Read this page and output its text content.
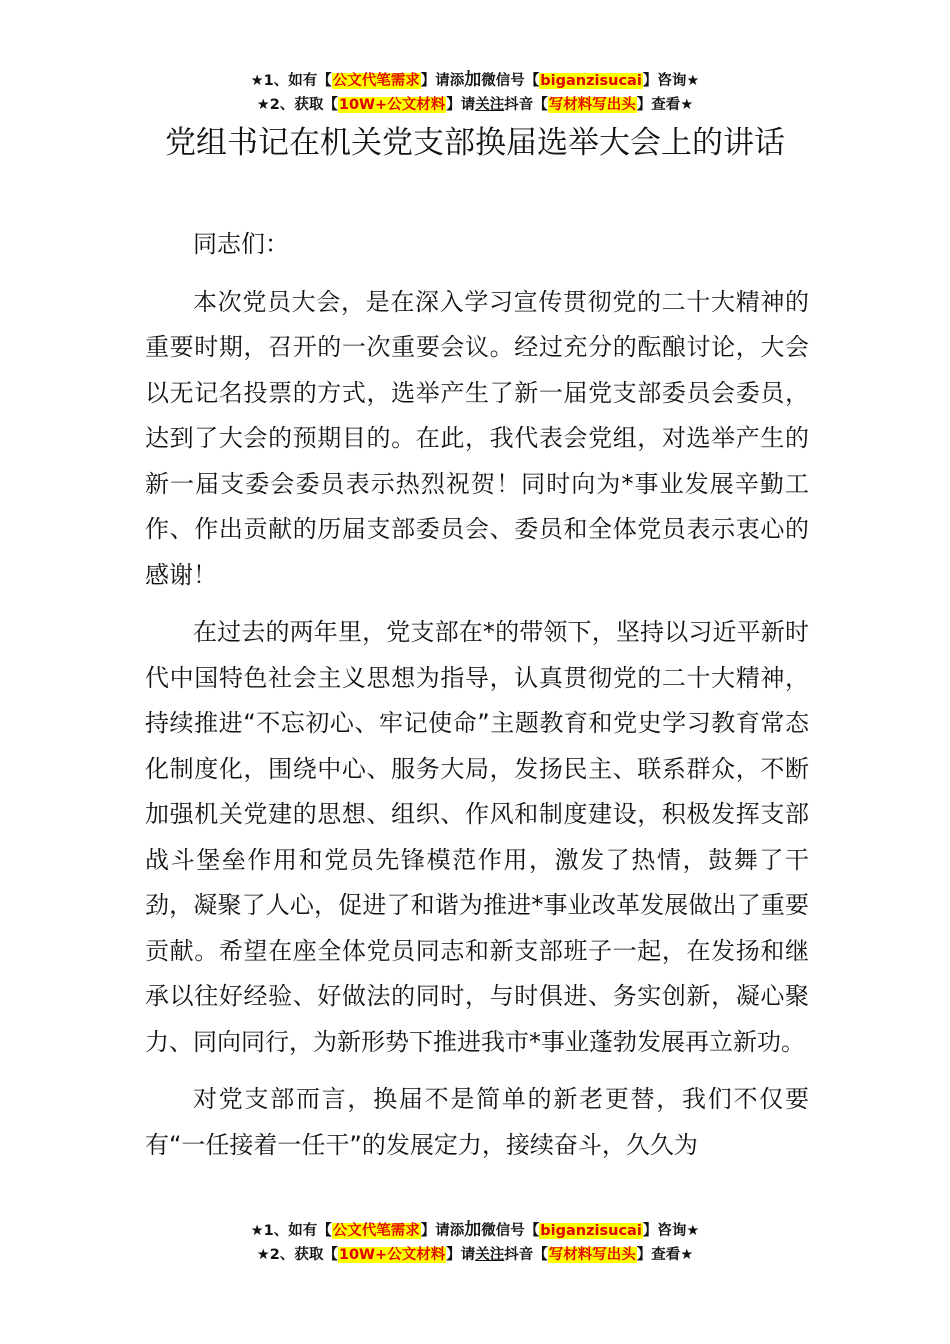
★1、如有【公文代笔需求】请添加微信号【biganzisucai】咨询★
★2、获取【10W+公文材料】请关注抖音【写材料写出头】查看★
党组书记在机关党支部换届选举大会上的讲话

同志们：

本次党员大会，是在深入学习宣传贯彻党的二十大精神的重要时期，召开的一次重要会议。经过充分的酝酿讨论，大会以无记名投票的方式，选举产生了新一届党支部委员会委员，达到了大会的预期目的。在此，我代表会党组，对选举产生的新一届支委会委员表示热烈祝贺！同时向为*事业发展辛勤工作、作出贡献的历届支部委员会、委员和全体党员表示衷心的感谢！

在过去的两年里，党支部在*的带领下，坚持以习近平新时代中国特色社会主义思想为指导，认真贯彻党的二十大精神，持续推进“不忘初心、牢记使命”主题教育和党史学习教育常态化制度化，围绕中心、服务大局，发扬民主、联系群众，不断加强机关党建的思想、组织、作风和制度建设，积极发挥支部战斗堡垒作用和党员先锋模范作用，激发了热情，鼓舞了干劲，凝聚了人心，促进了和谐为推进*事业改革发展做出了重要贡献。希望在座全体党员同志和新支部班子一起，在发扬和继承以往好经验、好做法的同时，与时俱进、务实创新，凝心聚力、同向同行，为新形势下推进我市*事业蓬勃发展再立新功。

对党支部而言，换届不是简单的新老更替，我们不仅要有“一任接着一任干”的发展定力，接续奋斗，久久为

★1、如有【公文代笔需求】请添加微信号【biganzisucai】咨询★
★2、获取【10W+公文材料】请关注抖音【写材料写出头】查看★
